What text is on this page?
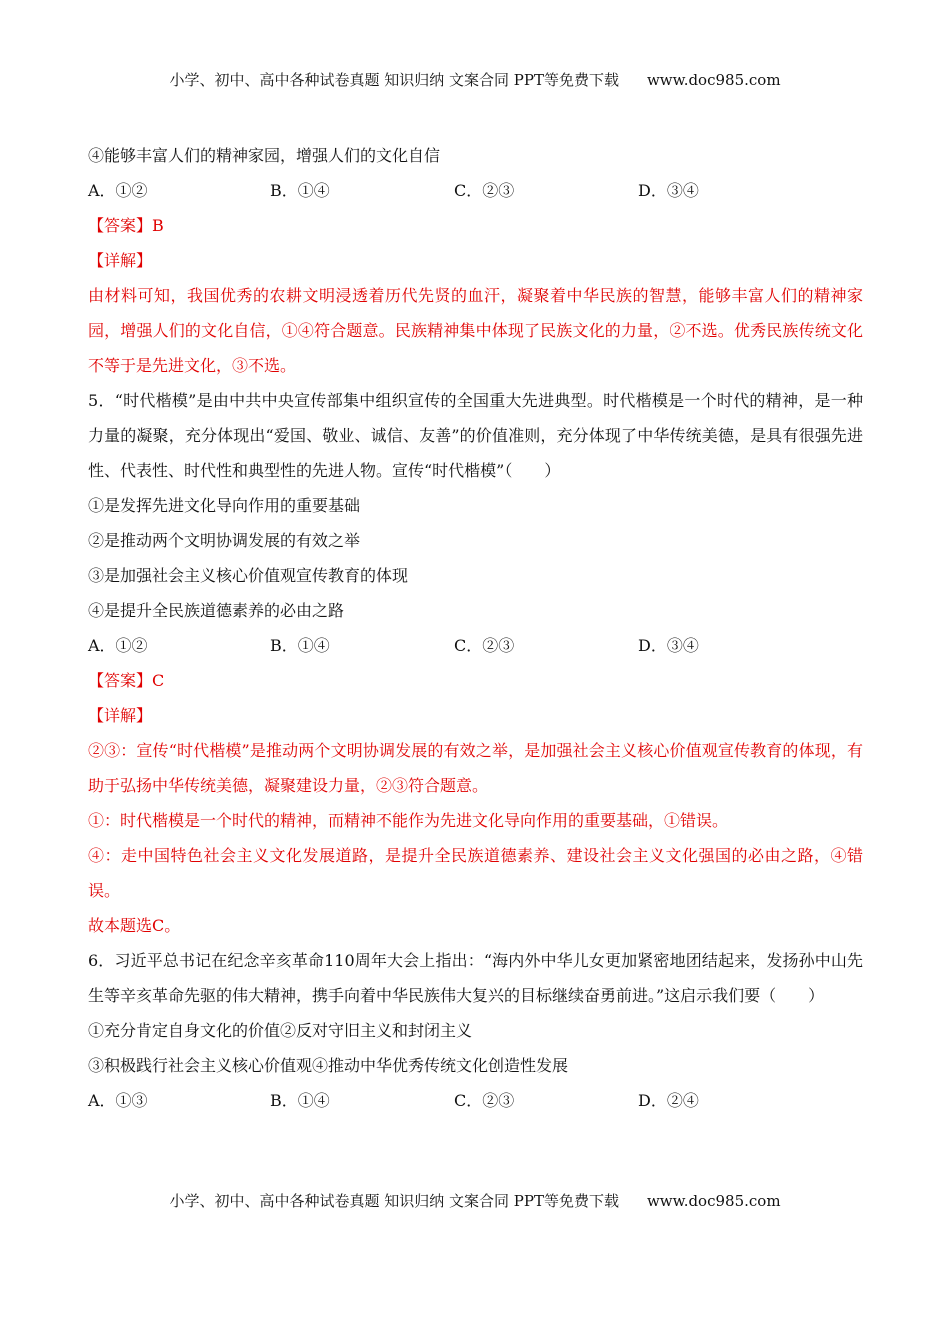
小学、初中、高中各种试卷真题 知识归纳 文案合同 PPT等免费下载 www.doc985.com

④能够丰富人们的精神家园，增强人们的文化自信

A．①②	B．①④	C．②③	D．③④

【答案】B

【详解】

由材料可知，我国优秀的农耕文明浸透着历代先贤的血汗，凝聚着中华民族的智慧，能够丰富人们的精神家园，增强人们的文化自信，①④符合题意。民族精神集中体现了民族文化的力量，②不选。优秀民族传统文化不等于是先进文化，③不选。

5．“时代楷模”是由中共中央宣传部集中组织宣传的全国重大先进典型。时代楷模是一个时代的精神，是一种力量的凝聚，充分体现出“爱国、敬业、诚信、友善”的价值准则，充分体现了中华传统美德，是具有很强先进性、代表性、时代性和典型性的先进人物。宣传“时代楷模”（　　）

①是发挥先进文化导向作用的重要基础

②是推动两个文明协调发展的有效之举

③是加强社会主义核心价值观宣传教育的体现

④是提升全民族道德素养的必由之路

A．①②	B．①④	C．②③	D．③④

【答案】C

【详解】

②③：宣传“时代楷模”是推动两个文明协调发展的有效之举，是加强社会主义核心价值观宣传教育的体现，有助于弘扬中华传统美德，凝聚建设力量，②③符合题意。

①：时代楷模是一个时代的精神，而精神不能作为先进文化导向作用的重要基础，①错误。

④：走中国特色社会主义文化发展道路，是提升全民族道德素养、建设社会主义文化强国的必由之路，④错误。

故本题选C。

6．习近平总书记在纪念辛亥革命110周年大会上指出：“海内外中华儿女更加紧密地团结起来，发扬孙中山先生等辛亥革命先驱的伟大精神，携手向着中华民族伟大复兴的目标继续奋勇前进。”这启示我们要（　　）

①充分肯定自身文化的价值②反对守旧主义和封闭主义

③积极践行社会主义核心价值观④推动中华优秀传统文化创造性发展

A．①③	B．①④	C．②③	D．②④
小学、初中、高中各种试卷真题 知识归纳 文案合同 PPT等免费下载 www.doc985.com
